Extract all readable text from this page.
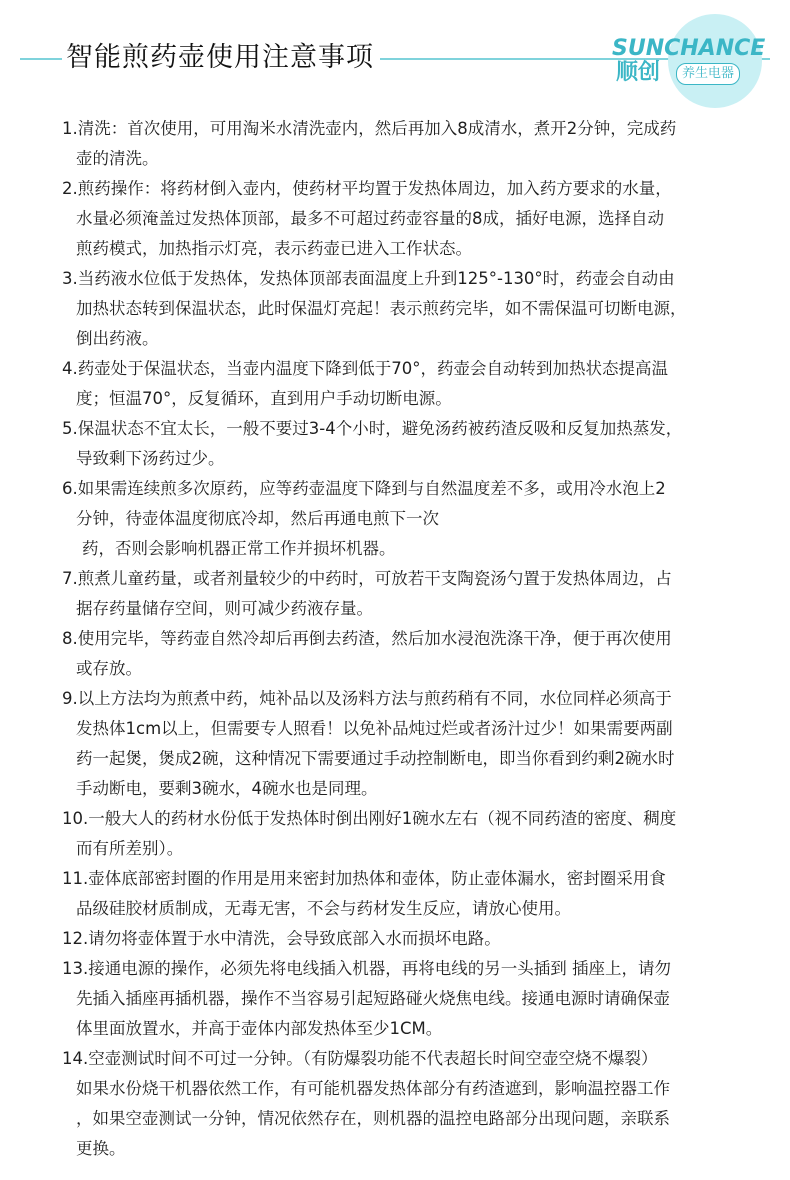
智能煎药壶使用注意事项	SUNCHANCE
顺创	养生电器
1.清洗：首次使用，可用淘米水清洗壶内，然后再加入8成清水，煮开2分钟，完成药
壶的清洗。
2.煎药操作：将药材倒入壶内，使药材平均置于发热体周边，加入药方要求的水量，
水量必须淹盖过发热体顶部，最多不可超过药壶容量的8成，插好电源，选择自动
煎药模式，加热指示灯亮，表示药壶已进入工作状态。
3.当药液水位低于发热体，发热体顶部表面温度上升到125°-130°时，药壶会自动由
加热状态转到保温状态，此时保温灯亮起！表示煎药完毕，如不需保温可切断电源，
倒出药液。
4.药壶处于保温状态，当壶内温度下降到低于70°，药壶会自动转到加热状态提高温
度；恒温70°，反复循环，直到用户手动切断电源。
5.保温状态不宜太长，一般不要过3-4个小时，避免汤药被药渣反吸和反复加热蒸发，
导致剩下汤药过少。
6.如果需连续煎多次原药，应等药壶温度下降到与自然温度差不多，或用冷水泡上2
分钟，待壶体温度彻底冷却，然后再通电煎下一次
药，否则会影响机器正常工作并损坏机器。
7.煎煮儿童药量，或者剂量较少的中药时，可放若干支陶瓷汤勺置于发热体周边，占
据存药量储存空间，则可减少药液存量。
8.使用完毕，等药壶自然冷却后再倒去药渣，然后加水浸泡洗涤干净，便于再次使用
或存放。
9.以上方法均为煎煮中药，炖补品以及汤料方法与煎药稍有不同，水位同样必须高于
发热体1cm以上，但需要专人照看！以免补品炖过烂或者汤汁过少！如果需要两副
药一起煲，煲成2碗，这种情况下需要通过手动控制断电，即当你看到约剩2碗水时
手动断电，要剩3碗水，4碗水也是同理。
10.一般大人的药材水份低于发热体时倒出刚好1碗水左右（视不同药渣的密度、稠度
而有所差别）。
11.壶体底部密封圈的作用是用来密封加热体和壶体，防止壶体漏水，密封圈采用食
品级硅胶材质制成，无毒无害，不会与药材发生反应，请放心使用。
12.请勿将壶体置于水中清洗，会导致底部入水而损坏电路。
13.接通电源的操作，必须先将电线插入机器，再将电线的另一头插到 插座上，请勿
先插入插座再插机器，操作不当容易引起短路碰火烧焦电线。接通电源时请确保壶
体里面放置水，并高于壶体内部发热体至少1CM。
14.空壶测试时间不可过一分钟。（有防爆裂功能不代表超长时间空壶空烧不爆裂）
如果水份烧干机器依然工作，有可能机器发热体部分有药渣遮到，影响温控器工作
，如果空壶测试一分钟，情况依然存在，则机器的温控电路部分出现问题，亲联系
更换。
